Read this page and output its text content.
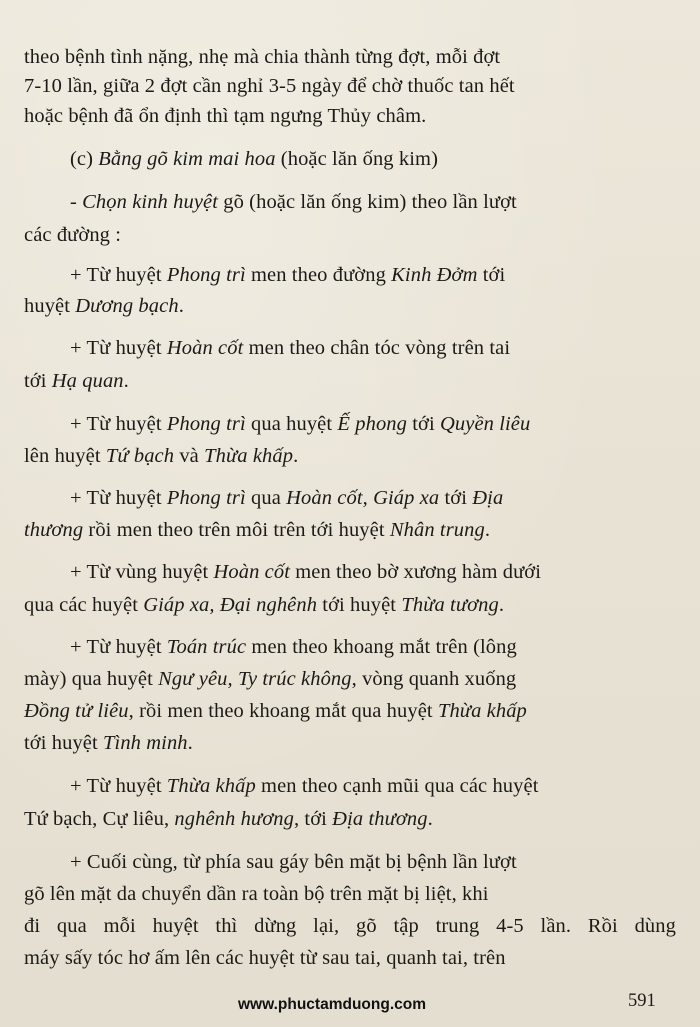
theo bệnh tình nặng, nhẹ mà chia thành từng đợt, mỗi đợt
7-10 lần, giữa 2 đợt cần nghỉ 3-5 ngày để chờ thuốc tan hết
hoặc bệnh đã ổn định thì tạm ngưng Thủy châm.
(c) Bằng gõ kim mai hoa (hoặc lăn ống kim)
- Chọn kinh huyệt gõ (hoặc lăn ống kim) theo lần lượt
các đường :
+ Từ huyệt Phong trì men theo đường Kinh Đởm tới
huyệt Dương bạch.
+ Từ huyệt Hoàn cốt men theo chân tóc vòng trên tai
tới Hạ quan.
+ Từ huyệt Phong trì qua huyệt Ế phong tới Quyền liêu
lên huyệt Tứ bạch và Thừa khấp.
+ Từ huyệt Phong trì qua Hoàn cốt, Giáp xa tới Địa
thương rồi men theo trên môi trên tới huyệt Nhân trung.
+ Từ vùng huyệt Hoàn cốt men theo bờ xương hàm dưới
qua các huyệt Giáp xa, Đại nghênh tới huyệt Thừa tương.
+ Từ huyệt Toán trúc men theo khoang mắt trên (lông
mày) qua huyệt Ngư yêu, Ty trúc không, vòng quanh xuống
Đồng tử liêu, rồi men theo khoang mắt qua huyệt Thừa khấp
tới huyệt Tình minh.
+ Từ huyệt Thừa khấp men theo cạnh mũi qua các huyệt
Tứ bạch, Cự liêu, nghênh hương, tới Địa thương.
+ Cuối cùng, từ phía sau gáy bên mặt bị bệnh lần lượt
gõ lên mặt da chuyển dần ra toàn bộ trên mặt bị liệt, khi
đi qua mỗi huyệt thì dừng lại, gõ tập trung 4-5 lần. Rồi dùng
máy sấy tóc hơ ấm lên các huyệt từ sau tai, quanh tai, trên
www.phuctamduong.com	591
